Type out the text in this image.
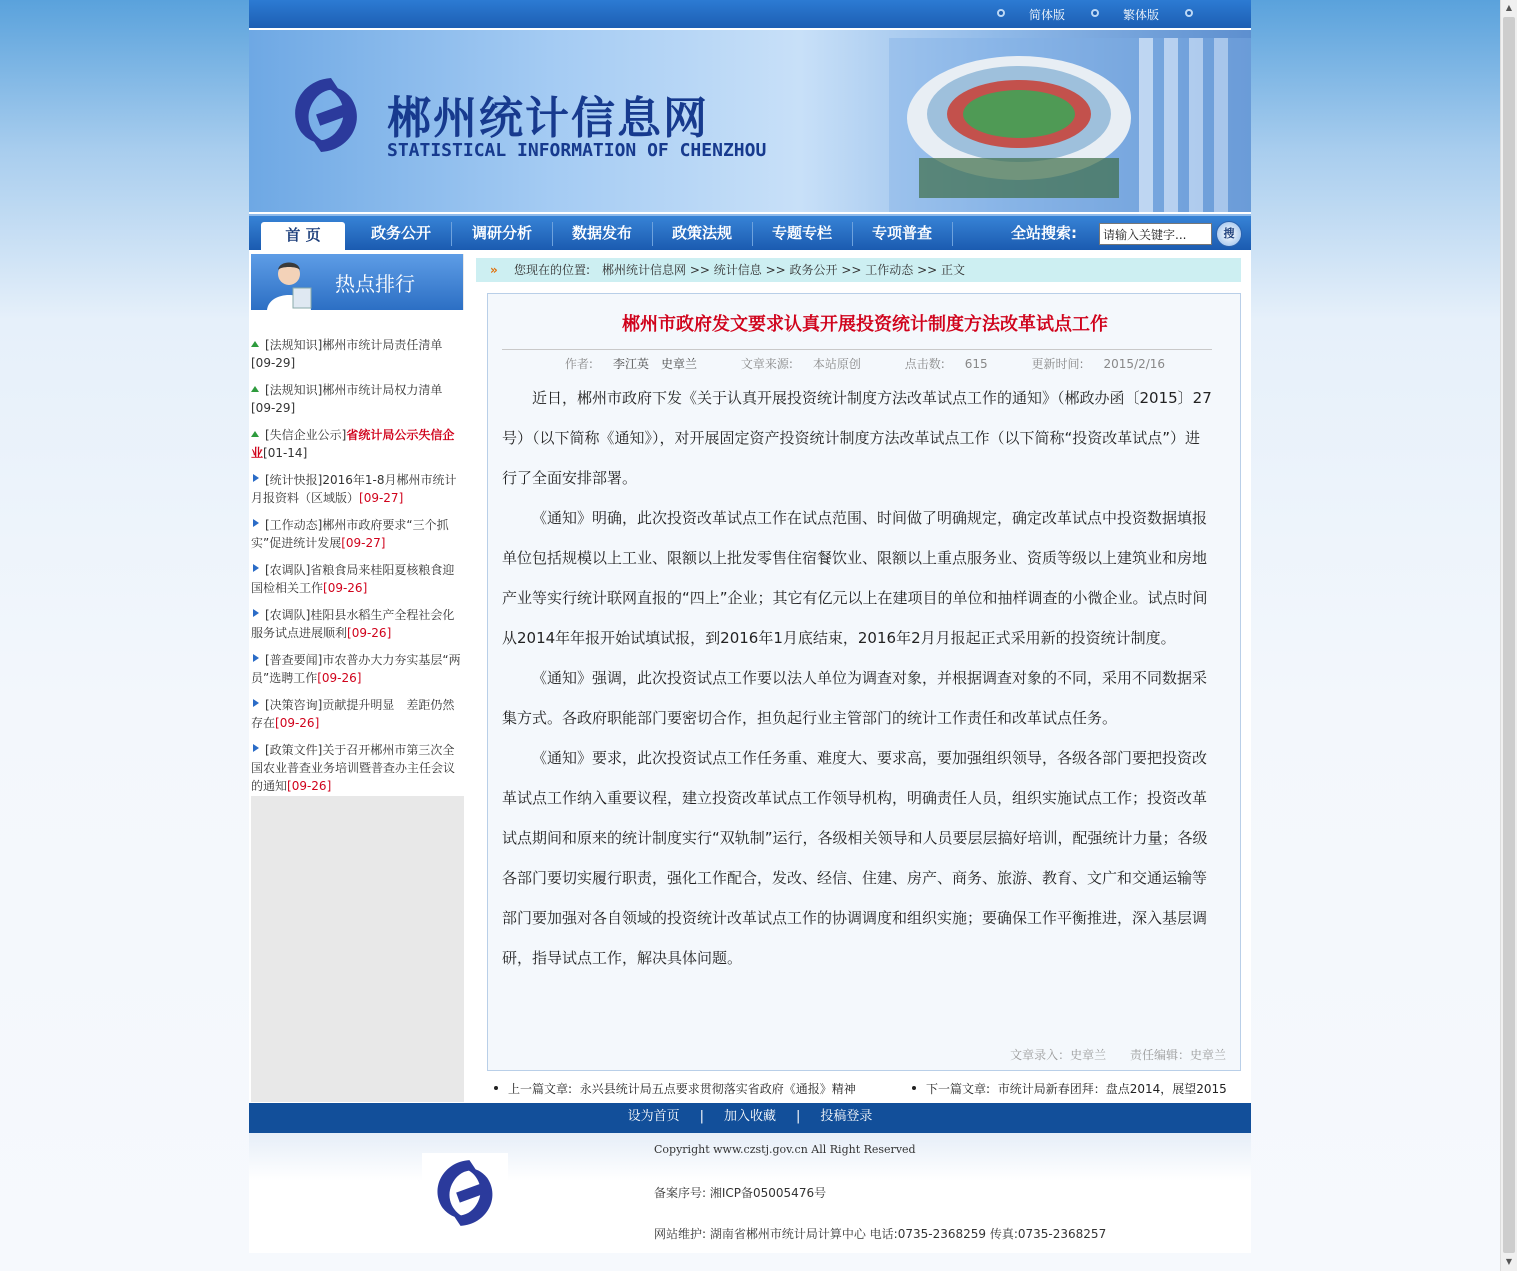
▲
▼
简体版	繁体版
郴州统计信息网
STATISTICAL INFORMATION OF CHENZHOU
首 页	政务公开	调研分析	数据发布	政策法规	专题专栏	专项普查	全站搜索:
请输入关键字...	搜
热点排行
[法规知识]郴州市统计局责任清单[09-29]
[法规知识]郴州市统计局权力清单[09-29]
[失信企业公示]省统计局公示失信企业[01-14]
[统计快报]2016年1-8月郴州市统计月报资料（区域版）[09-27]
[工作动态]郴州市政府要求“三个抓实”促进统计发展[09-27]
[农调队]省粮食局来桂阳夏核粮食迎国检相关工作[09-26]
[农调队]桂阳县水稻生产全程社会化服务试点进展顺利[09-26]
[普查要闻]市农普办大力夯实基层“两员”选聘工作[09-26]
[决策咨询]贡献提升明显　差距仍然存在[09-26]
[政策文件]关于召开郴州市第三次全国农业普查业务培训暨普查办主任会议的通知[09-26]
» 您现在的位置:　郴州统计信息网 >> 统计信息 >> 政务公开 >> 工作动态 >> 正文
郴州市政府发文要求认真开展投资统计制度方法改革试点工作
作者: 李江英　史章兰	文章来源: 本站原创	点击数: 615	更新时间: 2015/2/16

近日，郴州市政府下发《关于认真开展投资统计制度方法改革试点工作的通知》（郴政办函〔2015〕27号）（以下简称《通知》），对开展固定资产投资统计制度方法改革试点工作（以下简称“投资改革试点”）进行了全面安排部署。

《通知》明确，此次投资改革试点工作在试点范围、时间做了明确规定，确定改革试点中投资数据填报单位包括规模以上工业、限额以上批发零售住宿餐饮业、限额以上重点服务业、资质等级以上建筑业和房地产业等实行统计联网直报的“四上”企业；其它有亿元以上在建项目的单位和抽样调查的小微企业。试点时间从2014年年报开始试填试报，到2016年1月底结束，2016年2月月报起正式采用新的投资统计制度。

《通知》强调，此次投资试点工作要以法人单位为调查对象，并根据调查对象的不同，采用不同数据采集方式。各政府职能部门要密切合作，担负起行业主管部门的统计工作责任和改革试点任务。

《通知》要求，此次投资试点工作任务重、难度大、要求高，要加强组织领导，各级各部门要把投资改革试点工作纳入重要议程，建立投资改革试点工作领导机构，明确责任人员，组织实施试点工作；投资改革试点期间和原来的统计制度实行“双轨制”运行，各级相关领导和人员要层层搞好培训，配强统计力量；各级各部门要切实履行职责，强化工作配合，发改、经信、住建、房产、商务、旅游、教育、文广和交通运输等部门要加强对各自领域的投资统计改革试点工作的协调调度和组织实施；要确保工作平衡推进，深入基层调研，指导试点工作，解决具体问题。

文章录入：史章兰 责任编辑：史章兰
上一篇文章: 永兴县统计局五点要求贯彻落实省政府《通报》精神	下一篇文章: 市统计局新春团拜：盘点2014，展望2015
设为首页 | 加入收藏 | 投稿登录
Copyright www.czstj.gov.cn All Right Reserved
备案序号: 湘ICP备05005476号
网站维护: 湖南省郴州市统计局计算中心 电话:0735-2368259 传真:0735-2368257
